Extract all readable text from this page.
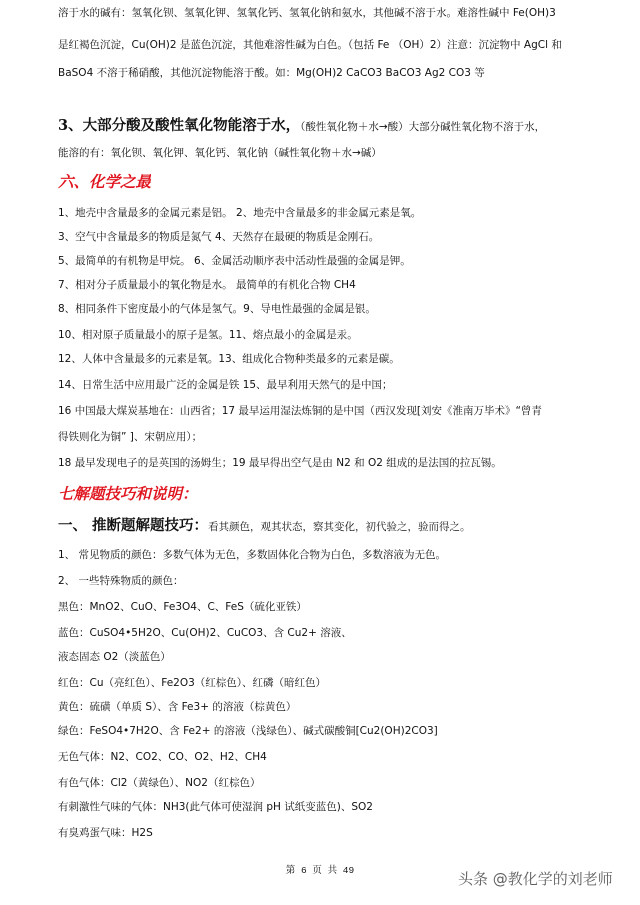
溶于水的碱有：氢氧化钡、氢氧化钾、氢氧化钙、氢氧化钠和氨水，其他碱不溶于水。难溶性碱中 Fe(OH)3

是红褐色沉淀，Cu(OH)2 是蓝色沉淀，其他难溶性碱为白色。（包括 Fe （OH）2）注意：沉淀物中 AgCl 和

BaSO4 不溶于稀硝酸，其他沉淀物能溶于酸。如：Mg(OH)2 CaCO3 BaCO3 Ag2 CO3 等

3、大部分酸及酸性氧化物能溶于水，（酸性氧化物＋水→酸）大部分碱性氧化物不溶于水，

能溶的有：氧化钡、氧化钾、氧化钙、氧化钠（碱性氧化物＋水→碱）

六、化学之最

1、地壳中含量最多的金属元素是铝。 2、地壳中含量最多的非金属元素是氧。

3、空气中含量最多的物质是氮气 4、天然存在最硬的物质是金刚石。

5、最简单的有机物是甲烷。 6、金属活动顺序表中活动性最强的金属是钾。

7、相对分子质量最小的氧化物是水。 最简单的有机化合物 CH4

8、相同条件下密度最小的气体是氢气。9、导电性最强的金属是银。

10、相对原子质量最小的原子是氢。11、熔点最小的金属是汞。

12、人体中含量最多的元素是氧。13、组成化合物种类最多的元素是碳。

14、日常生活中应用最广泛的金属是铁 15、最早利用天然气的是中国；

16 中国最大煤炭基地在：山西省；17 最早运用湿法炼铜的是中国（西汉发现[刘安《淮南万毕术》“曾青

得铁则化为铜” ]、宋朝应用）；

18 最早发现电子的是英国的汤姆生；19 最早得出空气是由 N2 和 O2 组成的是法国的拉瓦锡。

七解题技巧和说明：

一、 推断题解题技巧：看其颜色，观其状态，察其变化，初代验之，验而得之。

1、 常见物质的颜色：多数气体为无色，多数固体化合物为白色，多数溶液为无色。

2、 一些特殊物质的颜色：

黑色：MnO2、CuO、Fe3O4、C、FeS（硫化亚铁）

蓝色：CuSO4•5H2O、Cu(OH)2、CuCO3、含 Cu2+ 溶液、

液态固态 O2（淡蓝色）

红色：Cu（亮红色）、Fe2O3（红棕色）、红磷（暗红色）

黄色：硫磺（单质 S）、含 Fe3+ 的溶液（棕黄色）

绿色：FeSO4•7H2O、含 Fe2+ 的溶液（浅绿色）、碱式碳酸铜[Cu2(OH)2CO3]

无色气体：N2、CO2、CO、O2、H2、CH4

有色气体：Cl2（黄绿色）、NO2（红棕色）

有刺激性气味的气体：NH3(此气体可使湿润 pH 试纸变蓝色)、SO2

有臭鸡蛋气味：H2S

第 6 页 共 49	头条 @教化学的刘老师
